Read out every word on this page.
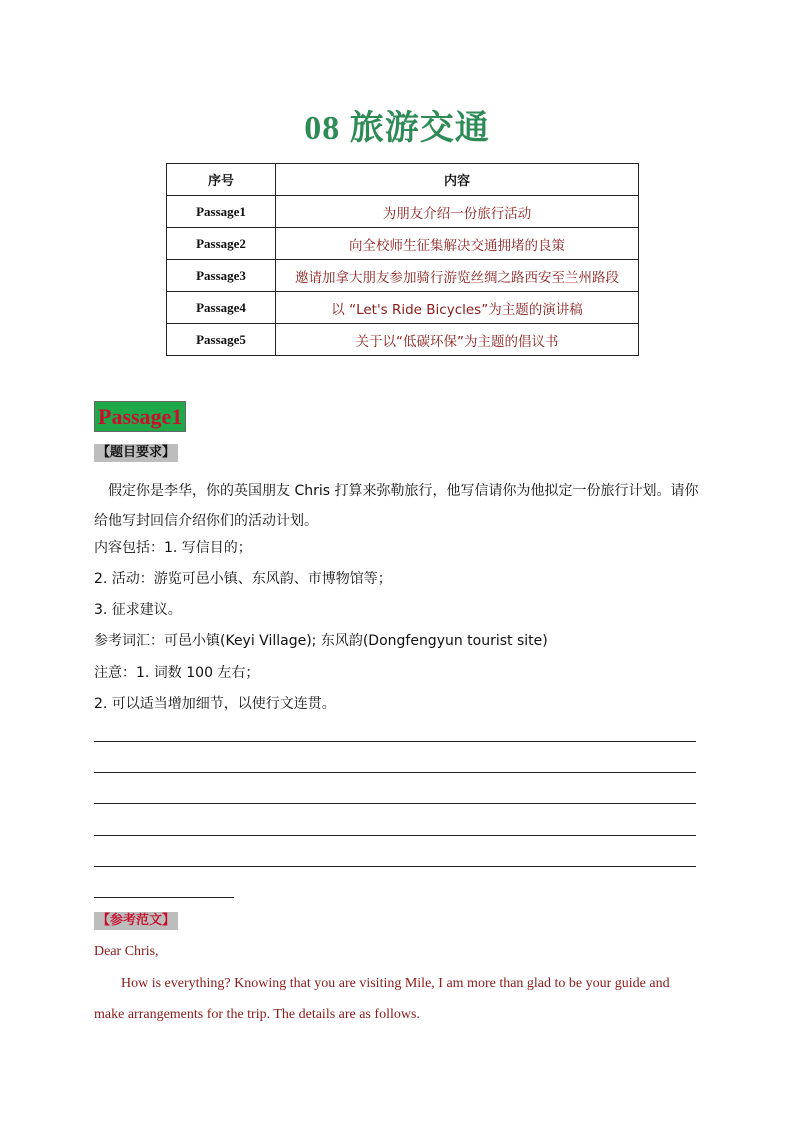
08 旅游交通
序号	内容
Passage1	为朋友介绍一份旅行活动
Passage2	向全校师生征集解决交通拥堵的良策
Passage3	邀请加拿大朋友参加骑行游览丝绸之路西安至兰州路段
Passage4	以 “Let's Ride Bicycles”为主题的演讲稿
Passage5	关于以“低碳环保”为主题的倡议书
Passage1
【题目要求】
假定你是李华，你的英国朋友 Chris 打算来弥勒旅行，他写信请你为他拟定一份旅行计划。请你给他写封回信介绍你们的活动计划。
内容包括：1. 写信目的；
2. 活动：游览可邑小镇、东风韵、市博物馆等；
3. 征求建议。
参考词汇：可邑小镇(Keyi Village); 东风韵(Dongfengyun tourist site)
注意：1. 词数 100 左右；
2. 可以适当增加细节，以使行文连贯。
【参考范文】
Dear Chris,
How is everything? Knowing that you are visiting Mile, I am more than glad to be your guide and
make arrangements for the trip. The details are as follows.
